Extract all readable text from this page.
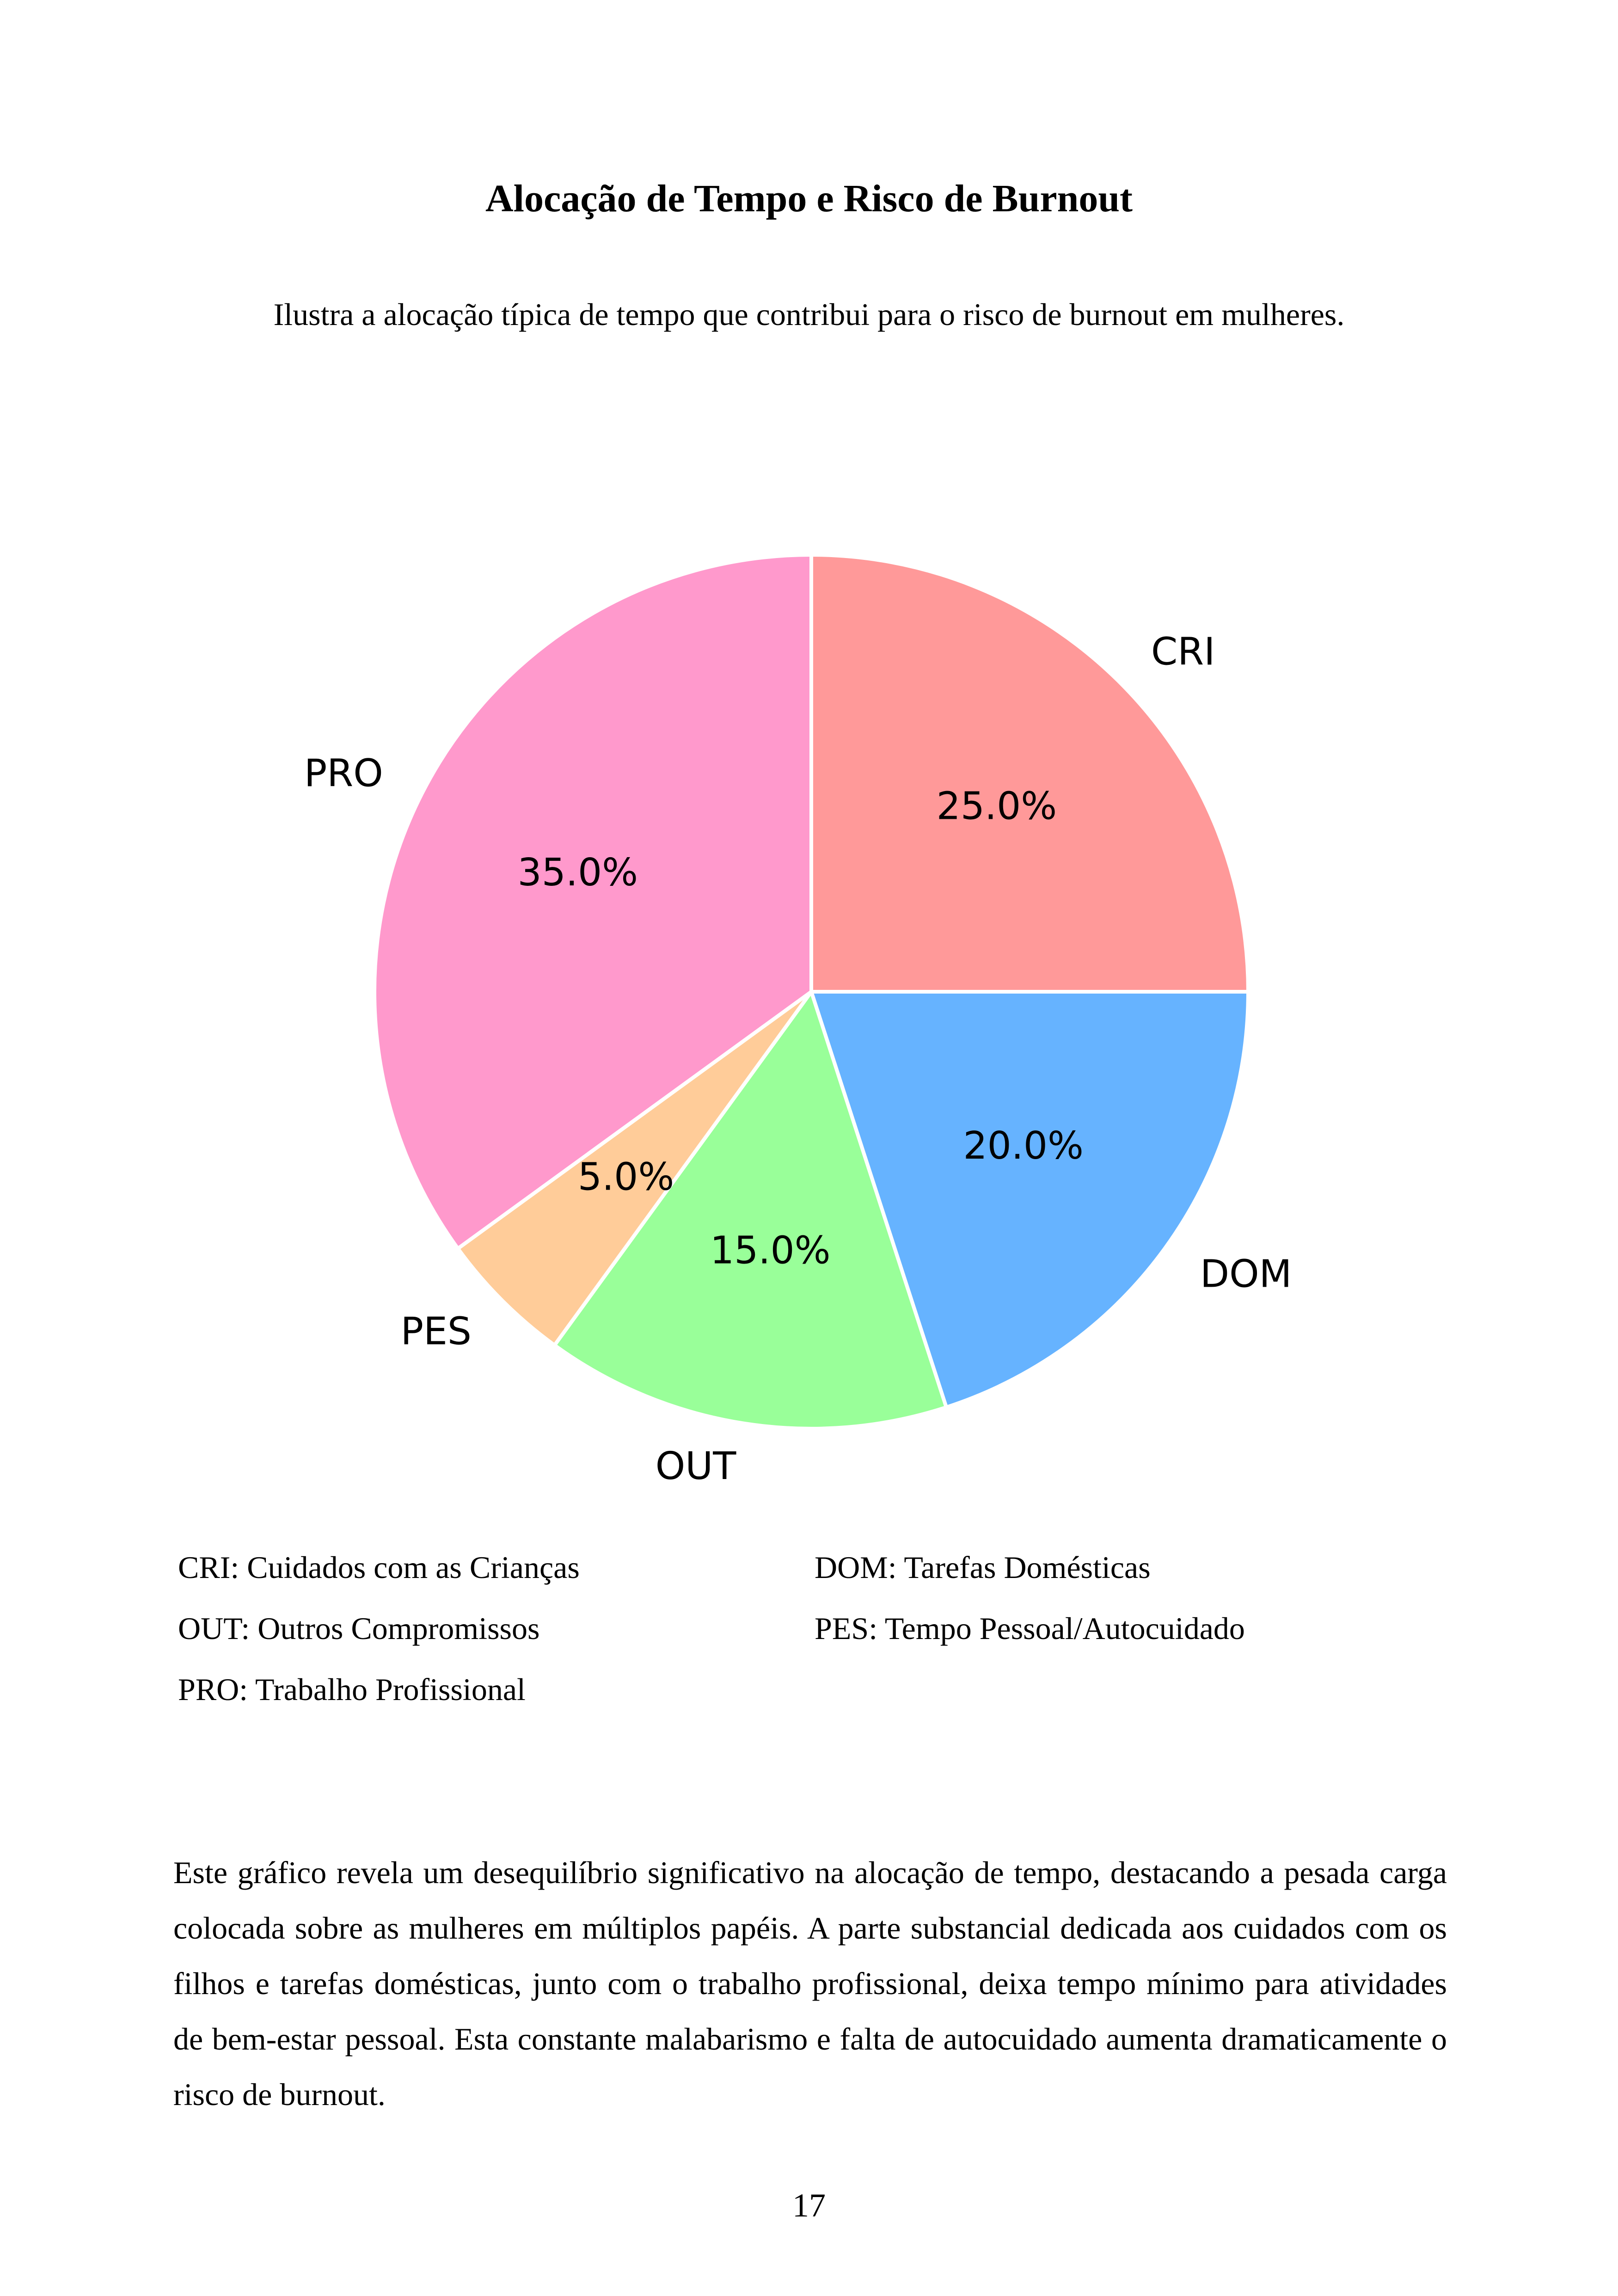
Alocação de Tempo e Risco de Burnout
Ilustra a alocação típica de tempo que contribui para o risco de burnout em mulheres.
25.0%
20.0%
15.0%
5.0%
35.0%
CRI
DOM
OUT
PES
PRO
CRI : Cuidados com as Crianças	DOM : Tarefas Domésticas
OUT : Outros Compromissos	PES : Tempo Pessoal/Autocuidado
PRO : Trabalho Profissional
Este gráfico revela um desequilíbrio significativo na alocação de tempo, destacando a pesada carga colocada sobre as mulheres em múltiplos papéis. A parte substancial dedicada aos cuidados com os filhos e tarefas domésticas, junto com o trabalho profissional, deixa tempo mínimo para atividades de bem-estar pessoal. Esta constante malabarismo e falta de autocuidado aumenta dramaticamente o risco de burnout.
17
